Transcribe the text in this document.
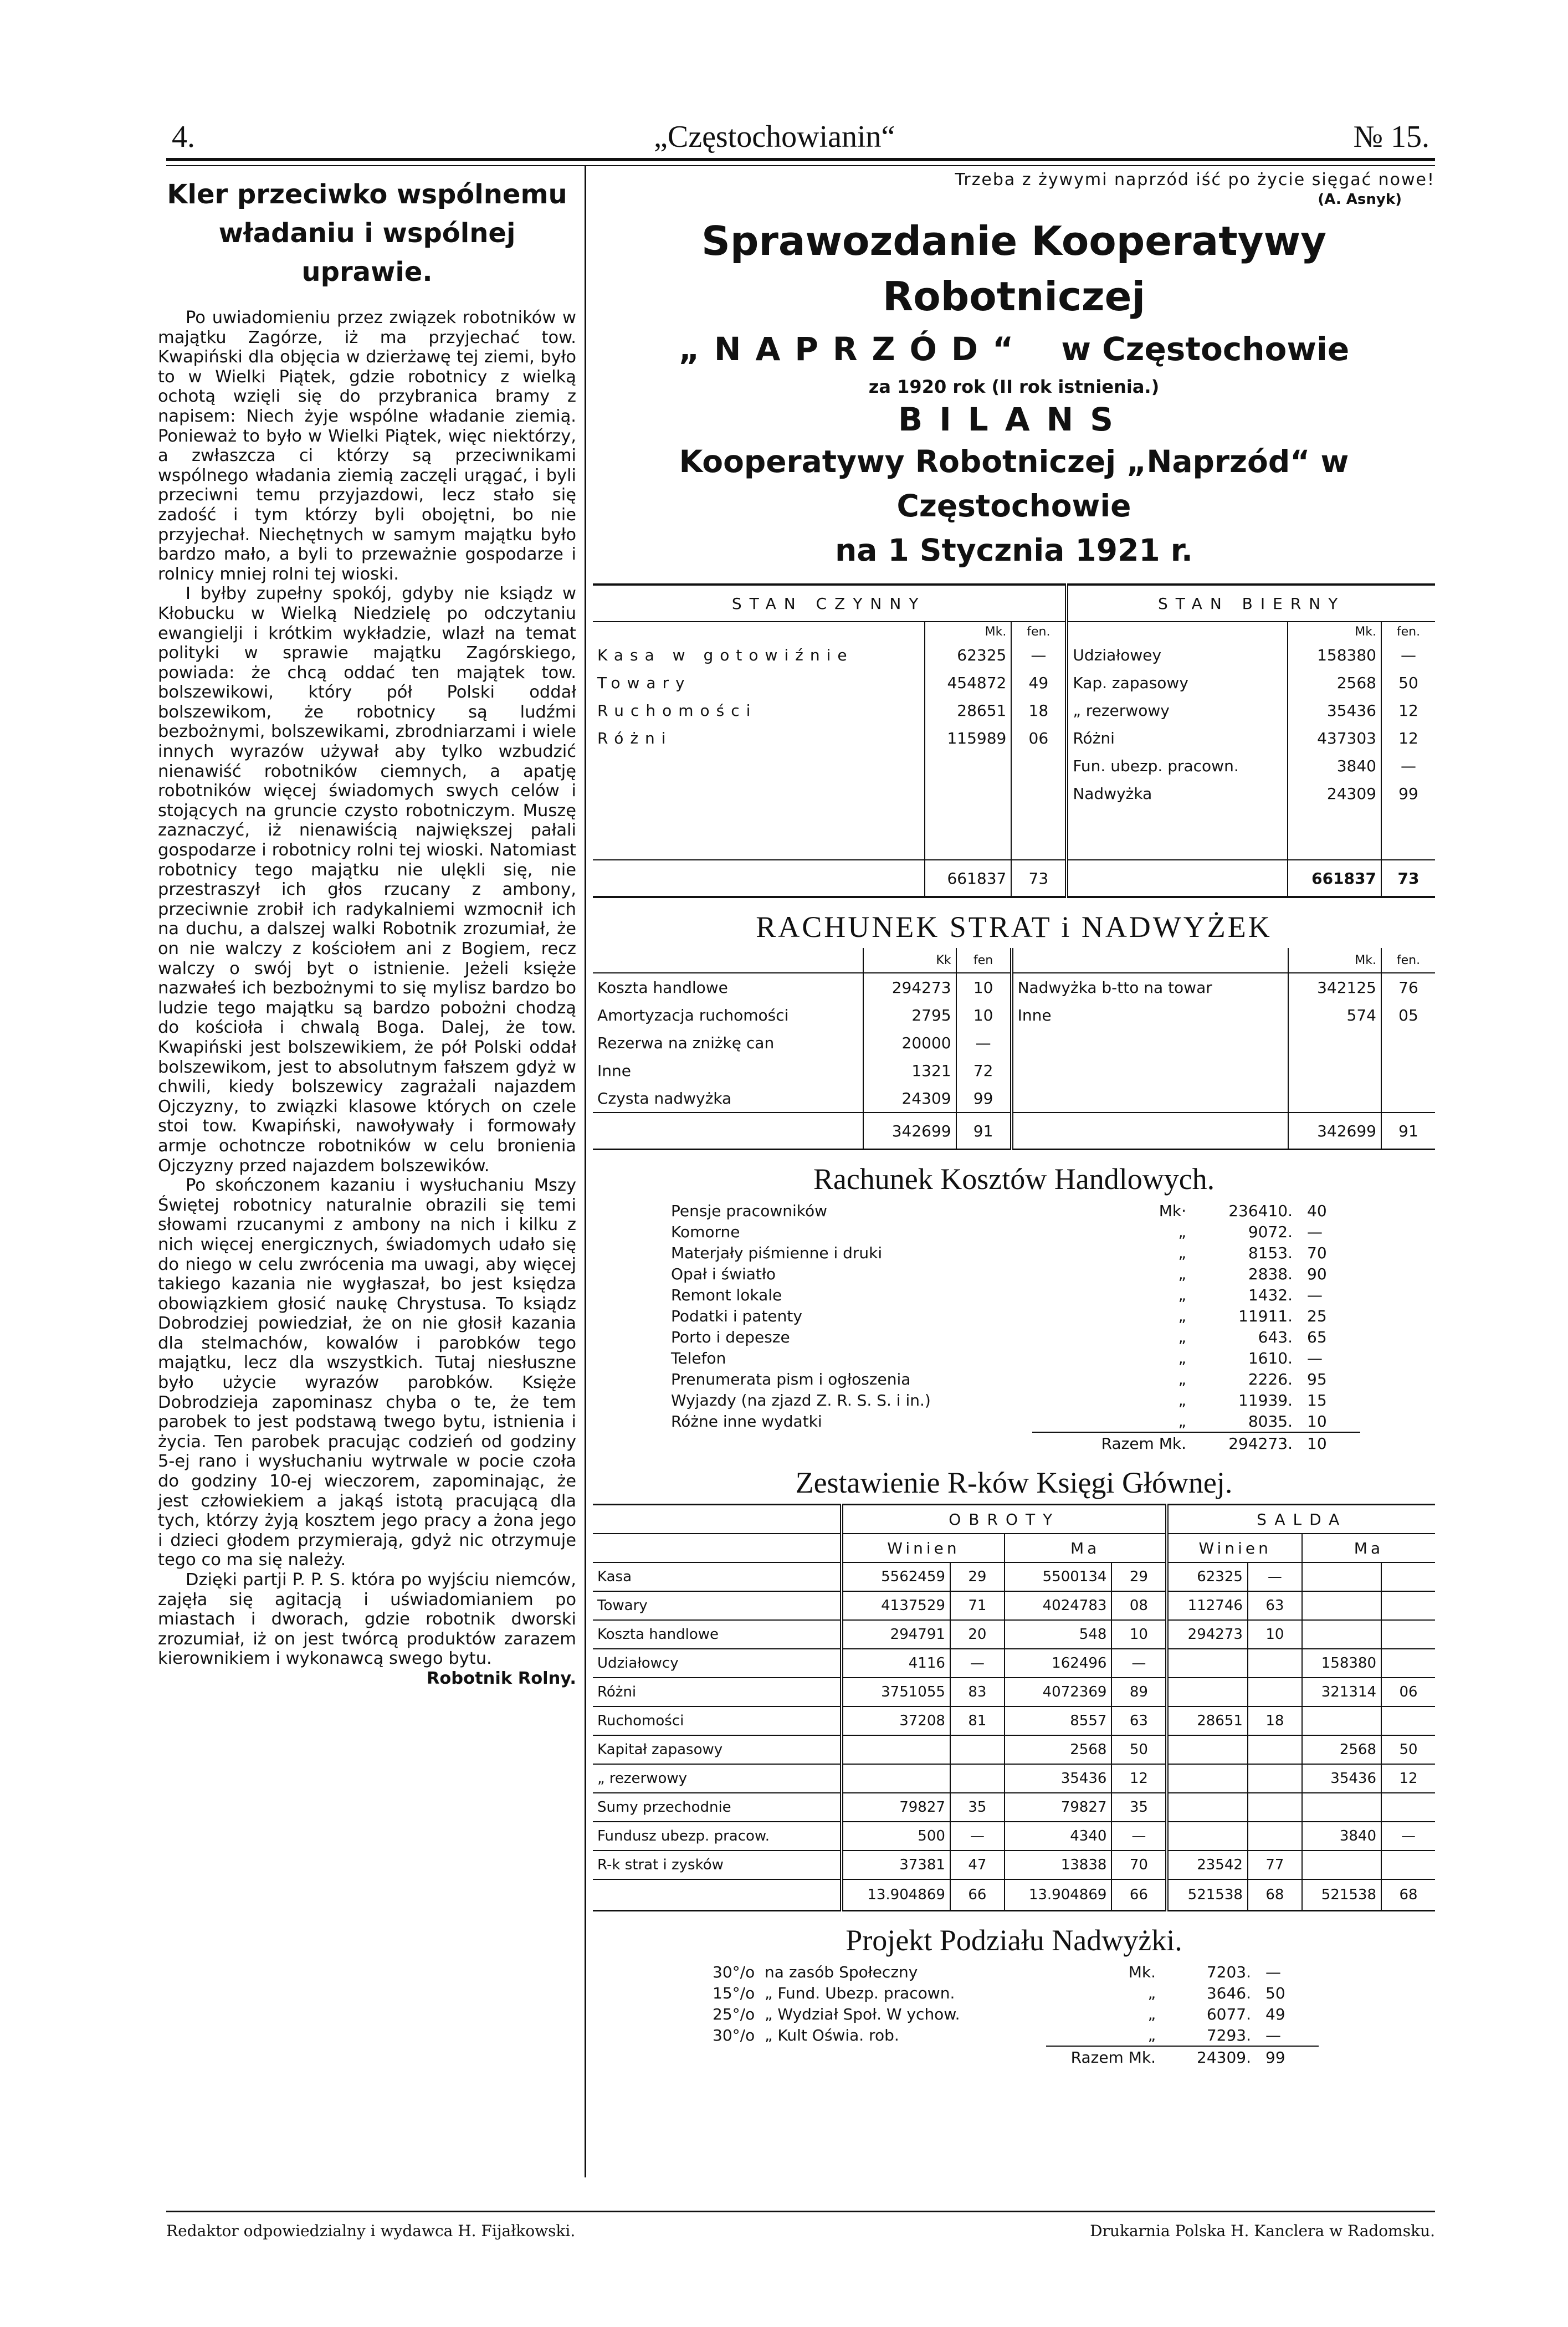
4.	„Częstochowianin“	№ 15.
Kler przeciwko wspólnemu
władaniu i wspólnej uprawie.

Po uwiadomieniu przez związek robotników w majątku Zagórze, iż ma przyjechać tow. Kwapiński dla objęcia w dzierżawę tej ziemi, było to w Wielki Piątek, gdzie robotnicy z wielką ochotą wzięli się do przybranica bramy z napisem: Niech żyje wspólne władanie ziemią. Ponieważ to było w Wielki Piątek, więc niektórzy, a zwłaszcza ci którzy są przeciwnikami wspólnego władania ziemią zaczęli urągać, i byli przeciwni temu przyjazdowi, lecz stało się zadość i tym którzy byli obojętni, bo nie przyjechał. Niechętnych w samym majątku było bardzo mało, a byli to przeważnie gospodarze i rolnicy mniej rolni tej wioski.

I byłby zupełny spokój, gdyby nie ksiądz w Kłobucku w Wielką Niedzielę po odczytaniu ewangielji i krótkim wykładzie, wlazł na temat polityki w sprawie majątku Zagórskiego, powiada: że chcą oddać ten majątek tow. bolszewikowi, który pół Polski oddał bolszewikom, że robotnicy są ludźmi bezbożnymi, bolszewikami, zbrodniarzami i wiele innych wyrazów używał aby tylko wzbudzić nienawiść robotników ciemnych, a apatję robotników więcej świadomych swych celów i stojących na gruncie czysto robotniczym. Muszę zaznaczyć, iż nienawiścią największej pałali gospodarze i robotnicy rolni tej wioski. Natomiast robotnicy tego majątku nie ulękli się, nie przestraszył ich głos rzucany z ambony, przeciwnie zrobił ich radykalniemi wzmocnił ich na duchu, a dalszej walki Robotnik zrozumiał, że on nie walczy z kościołem ani z Bogiem, recz walczy o swój byt o istnienie. Jeżeli księże nazwałeś ich bezbożnymi to się mylisz bardzo bo ludzie tego majątku są bardzo pobożni chodzą do kościoła i chwalą Boga. Dalej, że tow. Kwapiński jest bolszewikiem, że pół Polski oddał bolszewikom, jest to absolutnym fałszem gdyż w chwili, kiedy bolszewicy zagrażali najazdem Ojczyzny, to związki klasowe których on czele stoi tow. Kwapiński, nawoływały i formowały armje ochotncze robotników w celu bronienia Ojczyzny przed najazdem bolszewików.

Po skończonem kazaniu i wysłuchaniu Mszy Świętej robotnicy naturalnie obrazili się temi słowami rzucanymi z ambony na nich i kilku z nich więcej energicznych, świadomych udało się do niego w celu zwrócenia ma uwagi, aby więcej takiego kazania nie wygłaszał, bo jest księdza obowiązkiem głosić naukę Chrystusa. To ksiądz Dobrodziej powiedział, że on nie głosił kazania dla stelmachów, kowalów i parobków tego majątku, lecz dla wszystkich. Tutaj niesłuszne było użycie wyrazów parobków. Księże Dobrodzieja zapominasz chyba o te, że tem parobek to jest podstawą twego bytu, istnienia i życia. Ten parobek pracując codzień od godziny 5-ej rano i wysłuchaniu wytrwale w pocie czoła do godziny 10-ej wieczorem, zapominając, że jest człowiekiem a jakąś istotą pracującą dla tych, którzy żyją kosztem jego pracy a żona jego i dzieci głodem przymierają, gdyż nic otrzymuje tego co ma się należy.

Dzięki partji P. P. S. która po wyjściu niemców, zajęła się agitacją i uświadomianiem po miastach i dworach, gdzie robotnik dworski zrozumiał, iż on jest twórcą produktów zarazem kierownikiem i wykonawcą swego bytu.

Robotnik Rolny.

Trzeba z żywymi naprzód iść po życie sięgać nowe!
(A. Asnyk)
Sprawozdanie Kooperatywy Robotniczej
„NAPRZÓD“ w Częstochowie
za 1920 rok (II rok istnienia.)
BILANS
Kooperatywy Robotniczej „Naprzód“ w Częstochowie
na 1 Stycznia 1921 r.
STAN CZYNNY			STAN BIERNY		
	Mk.	fen.		Mk.	fen.
Kasa w gotowiźnie	62325	—	Udziałowey	158380	—
Towary	454872	49	Kap. zapasowy	2568	50
Ruchomości	28651	18	„ rezerwowy	35436	12
Różni	115989	06	Różni	437303	12
			Fun. ubezp. pracown.	3840	—
			Nadwyżka	24309	99

	661837	73		661837	73
RACHUNEK STRAT i NADWYŻEK
	Kk	fen		Mk.	fen.
Koszta handlowe	294273	10	Nadwyżka b-tto na towar	342125	76
Amortyzacja ruchomości	2795	10	Inne	574	05
Rezerwa na zniżkę can	20000	—			
Inne	1321	72			
Czysta nadwyżka	24309	99			
	342699	91		342699	91
Rachunek Kosztów Handlowych.
Pensje pracowników		Mk·	236410.	40
Komorne		„	9072.	—
Materjały piśmienne i druki		„	8153.	70
Opał i światło		„	2838.	90
Remont lokale		„	1432.	—
Podatki i patenty		„	11911.	25
Porto i depesze		„	643.	65
Telefon		„	1610.	—
Prenumerata pism i ogłoszenia		„	2226.	95
Wyjazdy (na zjazd Z. R. S. S. i in.)		„	11939.	15
Różne inne wydatki		„	8035.	10
	Razem Mk.		294273.	10
Zestawienie R-ków Księgi Głównej.
	OBROTY				SALDA			
	Winien		Ma		Winien		Ma	
Kasa	5562459	29	5500134	29	62325	—		
Towary	4137529	71	4024783	08	112746	63		
Koszta handlowe	294791	20	548	10	294273	10		
Udziałowcy	4116	—	162496	—			158380	
Różni	3751055	83	4072369	89			321314	06
Ruchomości	37208	81	8557	63	28651	18		
Kapitał zapasowy			2568	50			2568	50
„ rezerwowy			35436	12			35436	12
Sumy przechodnie	79827	35	79827	35				
Fundusz ubezp. pracow.	500	—	4340	—			3840	—
R-k strat i zysków	37381	47	13838	70	23542	77		
	13.904869	66	13.904869	66	521538	68	521538	68
Projekt Podziału Nadwyżki.
30°/o na zasób Społeczny		Mk.	7203.	—
15°/o „ Fund. Ubezp. pracown.		„	3646.	50
25°/o „ Wydział Społ. W ychow.		„	6077.	49
30°/o „ Kult Oświa. rob.		„	7293.	—
	Razem Mk.		24309.	99
Redaktor odpowiedzialny i wydawca H. Fijałkowski.	Drukarnia Polska H. Kanclera w Radomsku.
